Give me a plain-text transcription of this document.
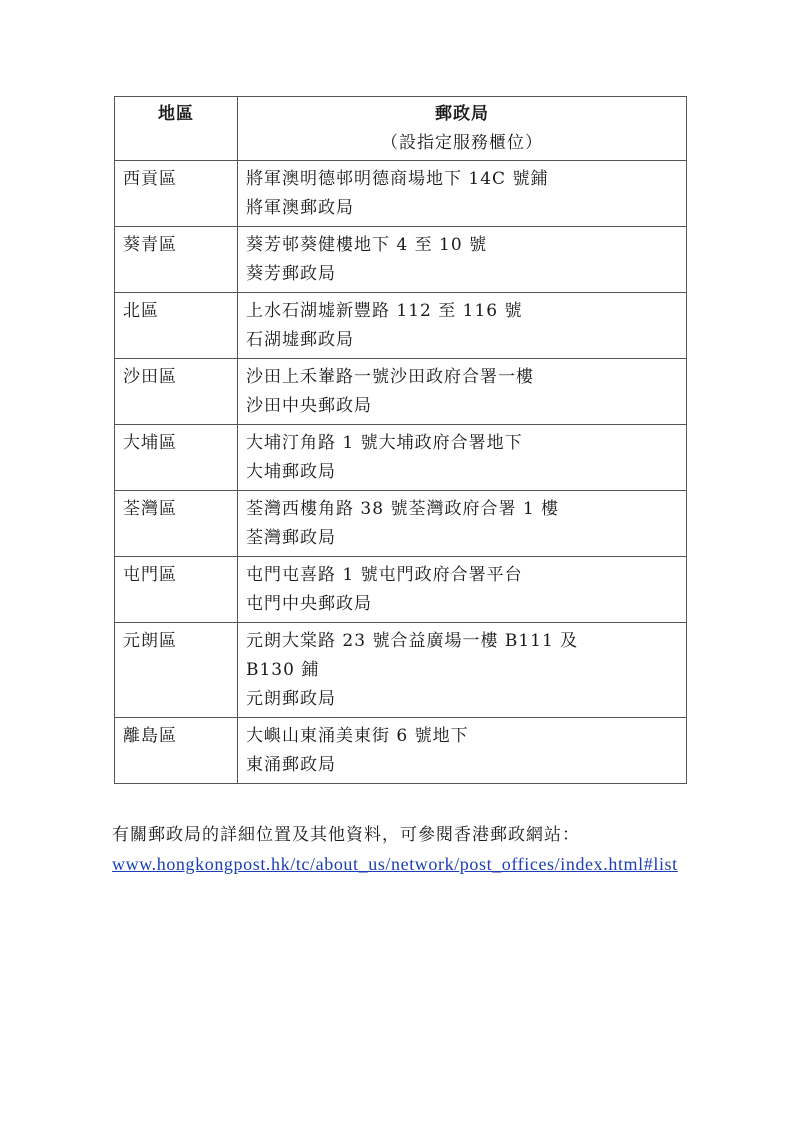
地區	郵政局
（設指定服務櫃位）

西貢區	將軍澳明德邨明德商場地下 14C 號鋪
將軍澳郵政局

葵青區	葵芳邨葵健樓地下 4 至 10 號
葵芳郵政局

北區	上水石湖墟新豐路 112 至 116 號
石湖墟郵政局

沙田區	沙田上禾輋路一號沙田政府合署一樓
沙田中央郵政局

大埔區	大埔汀角路 1 號大埔政府合署地下
大埔郵政局

荃灣區	荃灣西樓角路 38 號荃灣政府合署 1 樓
荃灣郵政局

屯門區	屯門屯喜路 1 號屯門政府合署平台
屯門中央郵政局

元朗區	元朗大棠路 23 號合益廣場一樓 B111 及
B130 鋪
元朗郵政局

離島區	大嶼山東涌美東街 6 號地下
東涌郵政局
有關郵政局的詳細位置及其他資料，可參閱香港郵政網站：
www.hongkongpost.hk/tc/about_us/network/post_offices/index.html#list
